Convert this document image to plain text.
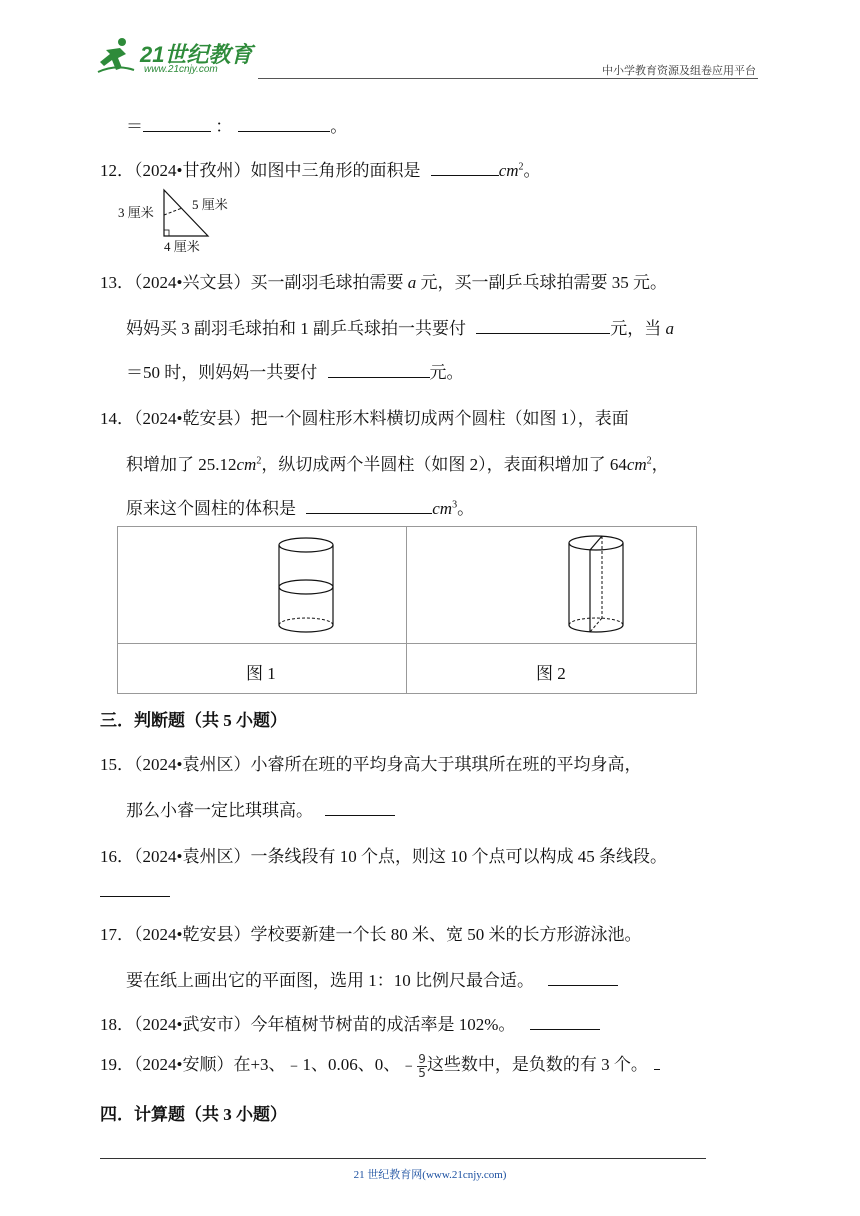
21世纪教育
www.21cnjy.com	中小学教育资源及组卷应用平台
＝	：	。
12．（2024•甘孜州）如图中三角形的面积是	$cm^2$。
3 厘米
5 厘米
4 厘米
13．（2024•兴文县）买一副羽毛球拍需要 a 元，买一副乒乓球拍需要 35 元。
妈妈买 3 副羽毛球拍和 1 副乒乓球拍一共要付	元，当 a
＝50 时，则妈妈一共要付	元。
14．（2024•乾安县）把一个圆柱形木料横切成两个圆柱（如图 1），表面
积增加了 $25.12cm^2$，纵切成两个半圆柱（如图 2），表面积增加了 $64cm^2$，
原来这个圆柱的体积是	$cm^3$。
图 1	图 2
三．判断题（共 5 小题）
15．（2024•袁州区）小睿所在班的平均身高大于琪琪所在班的平均身高，
那么小睿一定比琪琪高。
16．（2024•袁州区）一条线段有 10 个点，则这 10 个点可以构成 45 条线段。
17．（2024•乾安县）学校要新建一个长 80 米、宽 50 米的长方形游泳池。
要在纸上画出它的平面图，选用 1：10 比例尺最合适。
18．（2024•武安市）今年植树节树苗的成活率是 102%。
19．（2024•安顺）在+3、﹣1、0.06、0、﹣ $\frac{9}{5}$ 这些数中，是负数的有 3 个。
四．计算题（共 3 小题）
21 世纪教育网(www.21cnjy.com)
